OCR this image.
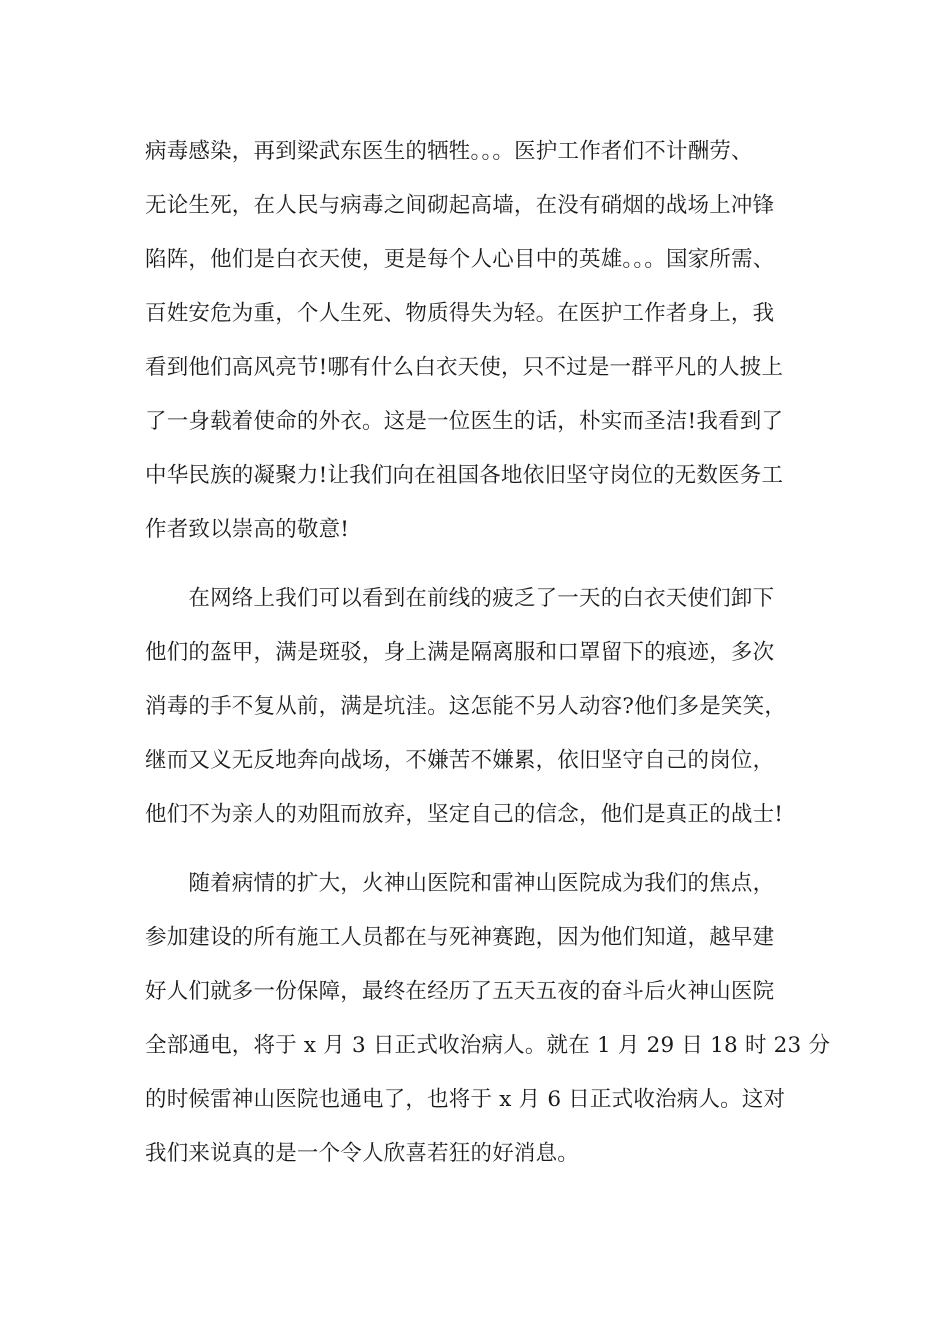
病毒感染，再到梁武东医生的牺牲。。。医护工作者们不计酬劳、
无论生死，在人民与病毒之间砌起高墙，在没有硝烟的战场上冲锋
陷阵，他们是白衣天使，更是每个人心目中的英雄。。。国家所需、
百姓安危为重，个人生死、物质得失为轻。在医护工作者身上，我
看到他们高风亮节!哪有什么白衣天使，只不过是一群平凡的人披上
了一身载着使命的外衣。这是一位医生的话，朴实而圣洁!我看到了
中华民族的凝聚力!让我们向在祖国各地依旧坚守岗位的无数医务工
作者致以崇高的敬意!
　　在网络上我们可以看到在前线的疲乏了一天的白衣天使们卸下
他们的盔甲，满是斑驳，身上满是隔离服和口罩留下的痕迹，多次
消毒的手不复从前，满是坑洼。这怎能不另人动容?他们多是笑笑，
继而又义无反地奔向战场，不嫌苦不嫌累，依旧坚守自己的岗位，
他们不为亲人的劝阻而放弃，坚定自己的信念，他们是真正的战士!
　　随着病情的扩大，火神山医院和雷神山医院成为我们的焦点，
参加建设的所有施工人员都在与死神赛跑，因为他们知道，越早建
好人们就多一份保障，最终在经历了五天五夜的奋斗后火神山医院
全部通电，将于 x 月 3 日正式收治病人。就在 1 月 29 日 18 时 23 分
的时候雷神山医院也通电了，也将于 x 月 6 日正式收治病人。这对
我们来说真的是一个令人欣喜若狂的好消息。
